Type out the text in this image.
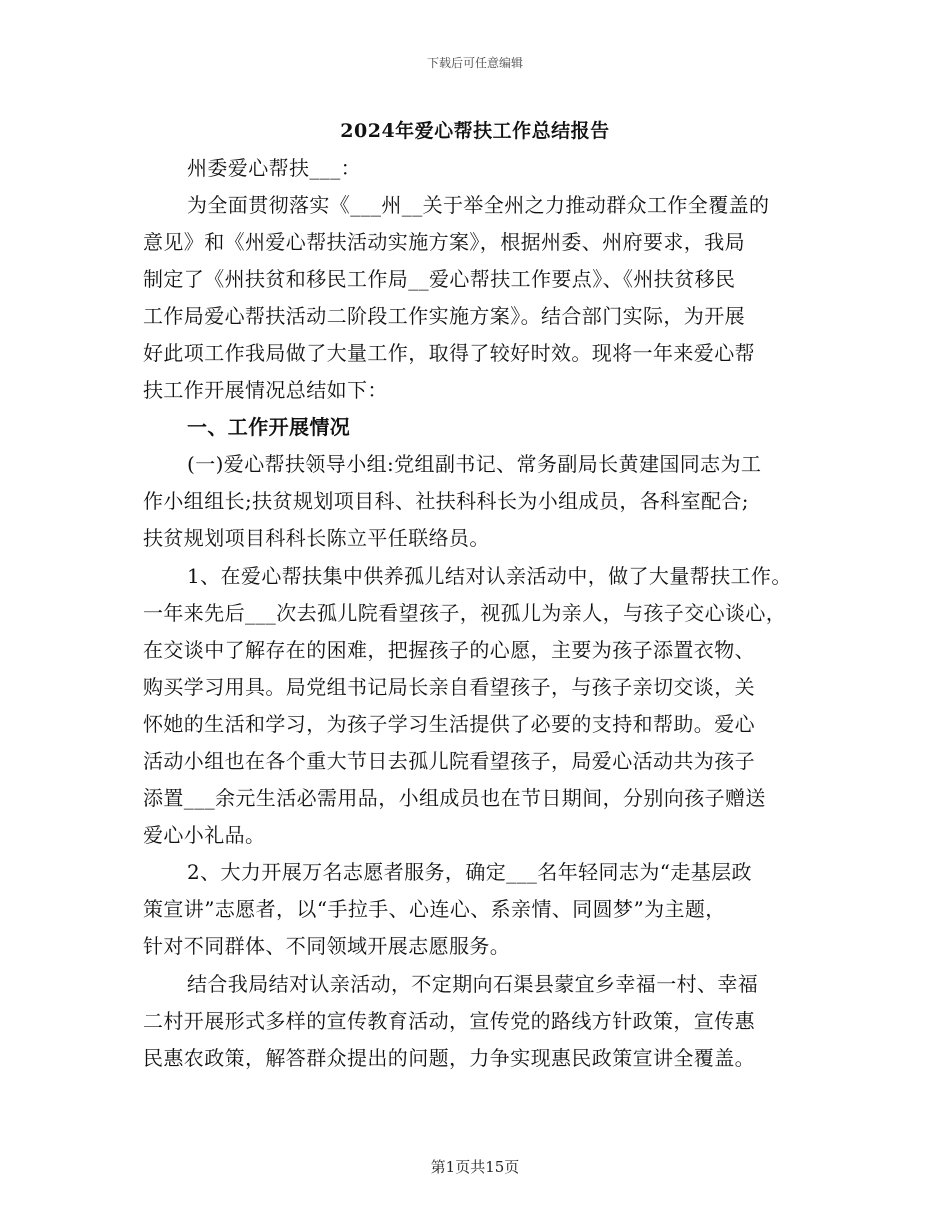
下载后可任意编辑
2024年爱心帮扶工作总结报告
州委爱心帮扶___：
为全面贯彻落实《___州__关于举全州之力推动群众工作全覆盖的
意见》和《州爱心帮扶活动实施方案》，根据州委、州府要求，我局
制定了《州扶贫和移民工作局__爱心帮扶工作要点》、《州扶贫移民
工作局爱心帮扶活动二阶段工作实施方案》。结合部门实际，为开展
好此项工作我局做了大量工作，取得了较好时效。现将一年来爱心帮
扶工作开展情况总结如下：
一、工作开展情况
(一)爱心帮扶领导小组:党组副书记、常务副局长黄建国同志为工
作小组组长;扶贫规划项目科、社扶科科长为小组成员，各科室配合;
扶贫规划项目科科长陈立平任联络员。
1、在爱心帮扶集中供养孤儿结对认亲活动中，做了大量帮扶工作。
一年来先后___次去孤儿院看望孩子，视孤儿为亲人，与孩子交心谈心，
在交谈中了解存在的困难，把握孩子的心愿，主要为孩子添置衣物、
购买学习用具。局党组书记局长亲自看望孩子，与孩子亲切交谈，关
怀她的生活和学习，为孩子学习生活提供了必要的支持和帮助。爱心
活动小组也在各个重大节日去孤儿院看望孩子，局爱心活动共为孩子
添置___余元生活必需用品，小组成员也在节日期间，分别向孩子赠送
爱心小礼品。
2、大力开展万名志愿者服务，确定___名年轻同志为“走基层政
策宣讲”志愿者，以“手拉手、心连心、系亲情、同圆梦”为主题，
针对不同群体、不同领域开展志愿服务。
结合我局结对认亲活动，不定期向石渠县蒙宜乡幸福一村、幸福
二村开展形式多样的宣传教育活动，宣传党的路线方针政策，宣传惠
民惠农政策，解答群众提出的问题，力争实现惠民政策宣讲全覆盖。
第1页共15页
